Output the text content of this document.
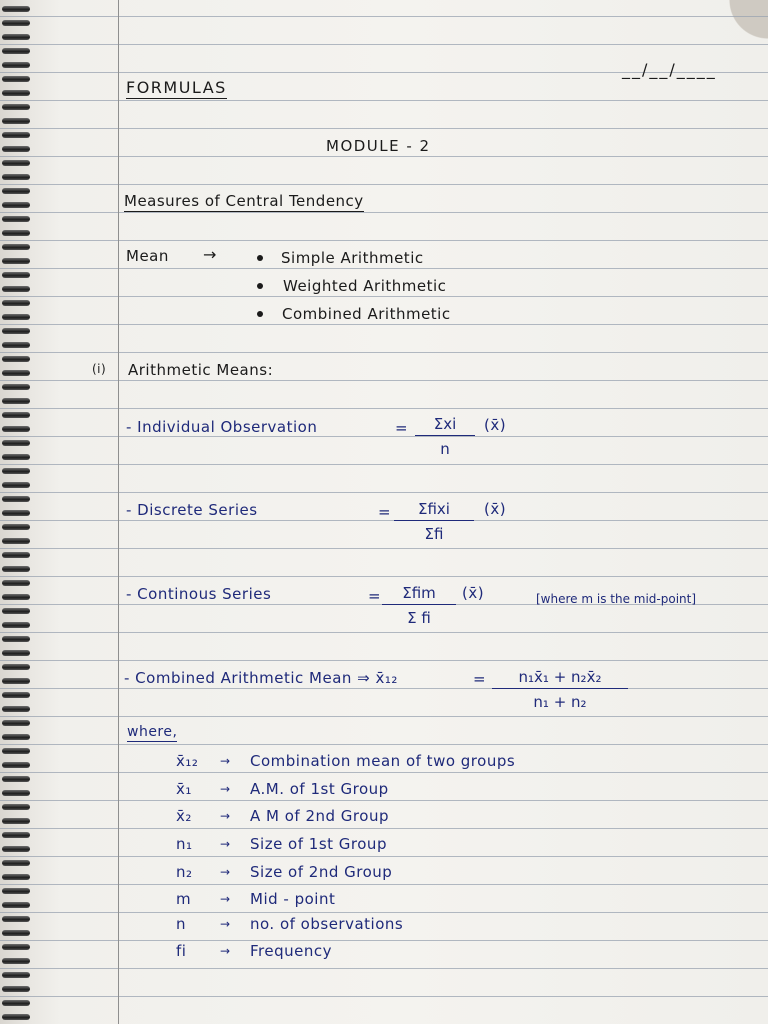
__/__/____
FORMULAS
MODULE - 2
Measures of Central Tendency
Mean →	Simple Arithmetic
Weighted Arithmetic
Combined Arithmetic
(i) Arithmetic Means:
- Individual Observation	=	Σxi
n
(x̄)
- Discrete Series	=	Σfixi
Σfi
(x̄)
- Continous Series	=	Σfim
Σ fi
(x̄)	[where m is the mid-point]
- Combined Arithmetic Mean ⇒ x̄₁₂	= $\frac{\text{n₁x̄₁ + n₂x̄₂}}{\text{n₁ + n₂}}$
where,
x̄₁₂ → Combination mean of two groups
x̄₁ → A.M. of 1st Group
x̄₂ → A M of 2nd Group
n₁ → Size of 1st Group
n₂ → Size of 2nd Group
m → Mid - point
n	→ no. of observations
fi	→ Frequency
